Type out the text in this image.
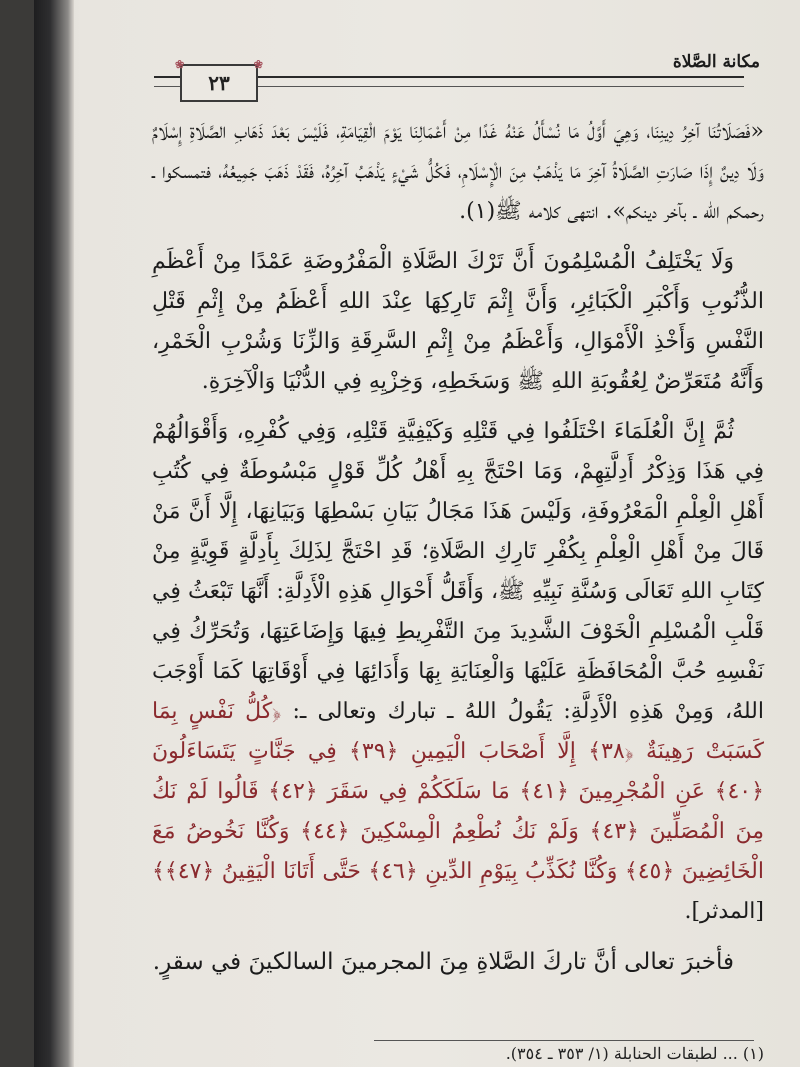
مكانة الصَّلاة
❀ ٢٣ ❀

«فَصَلَاتُنَا آخِرُ دِينِنَا، وَهِيَ أَوَّلُ مَا نُسْأَلُ عَنْهُ غَدًا مِنْ أَعْمَالِنَا يَوْمَ الْقِيَامَةِ، فَلَيْسَ بَعْدَ ذَهَابِ الصَّلَاةِ إِسْلَامٌ وَلَا دِينٌ إِذَا صَارَتِ الصَّلَاةُ آخِرَ مَا يَذْهَبُ مِنَ الْإِسْلَامِ، فَكُلُّ شَيْءٍ يَذْهَبُ آخِرُهُ، فَقَدْ ذَهَبَ جَمِيعُهُ، فتمسكوا ـ رحمكم الله ـ بآخر دينكم». انتهى كلامه ﷺ(١).

وَلَا يَخْتَلِفُ الْمُسْلِمُونَ أَنَّ تَرْكَ الصَّلَاةِ الْمَفْرُوضَةِ عَمْدًا مِنْ أَعْظَمِ الذُّنُوبِ وَأَكْبَرِ الْكَبَائِرِ، وَأَنَّ إِثْمَ تَارِكِهَا عِنْدَ اللهِ أَعْظَمُ مِنْ إِثْمِ قَتْلِ النَّفْسِ وَأَخْذِ الْأَمْوَالِ، وَأَعْظَمُ مِنْ إِثْمِ السَّرِقَةِ وَالزِّنَا وَشُرْبِ الْخَمْرِ، وَأَنَّهُ مُتَعَرِّضٌ لِعُقُوبَةِ اللهِ ﷺ وَسَخَطِهِ، وَخِزْيِهِ فِي الدُّنْيَا وَالْآخِرَةِ.

ثُمَّ إِنَّ الْعُلَمَاءَ اخْتَلَفُوا فِي قَتْلِهِ وَكَيْفِيَّةِ قَتْلِهِ، وَفِي كُفْرِهِ، وَأَقْوَالُهُمْ فِي هَذَا وَذِكْرُ أَدِلَّتِهِمْ، وَمَا احْتَجَّ بِهِ أَهْلُ كُلِّ قَوْلٍ مَبْسُوطَةٌ فِي كُتُبِ أَهْلِ الْعِلْمِ الْمَعْرُوفَةِ، وَلَيْسَ هَذَا مَجَالُ بَيَانِ بَسْطِهَا وَبَيَانِهَا، إِلَّا أَنَّ مَنْ قَالَ مِنْ أَهْلِ الْعِلْمِ بِكُفْرِ تَارِكِ الصَّلَاةِ؛ قَدِ احْتَجَّ لِذَلِكَ بِأَدِلَّةٍ قَوِيَّةٍ مِنْ كِتَابِ اللهِ تَعَالَى وَسُنَّةِ نَبِيِّهِ ﷺ، وَأَقَلُّ أَحْوَالِ هَذِهِ الْأَدِلَّةِ: أَنَّهَا تَبْعَثُ فِي قَلْبِ الْمُسْلِمِ الْخَوْفَ الشَّدِيدَ مِنَ التَّفْرِيطِ فِيهَا وَإِضَاعَتِهَا، وَتُحَرِّكُ فِي نَفْسِهِ حُبَّ الْمُحَافَظَةِ عَلَيْهَا وَالْعِنَايَةِ بِهَا وَأَدَائِهَا فِي أَوْقَاتِهَا كَمَا أَوْجَبَ اللهُ، وَمِنْ هَذِهِ الْأَدِلَّةِ: يَقُولُ اللهُ ـ تبارك وتعالى ـ: ﴿كُلُّ نَفْسٍ بِمَا كَسَبَتْ رَهِينَةٌ ﴿٣٨﴾ إِلَّا أَصْحَابَ الْيَمِينِ ﴿٣٩﴾ فِي جَنَّاتٍ يَتَسَاءَلُونَ ﴿٤٠﴾ عَنِ الْمُجْرِمِينَ ﴿٤١﴾ مَا سَلَكَكُمْ فِي سَقَرَ ﴿٤٢﴾ قَالُوا لَمْ نَكُ مِنَ الْمُصَلِّينَ ﴿٤٣﴾ وَلَمْ نَكُ نُطْعِمُ الْمِسْكِينَ ﴿٤٤﴾ وَكُنَّا نَخُوضُ مَعَ الْخَائِضِينَ ﴿٤٥﴾ وَكُنَّا نُكَذِّبُ بِيَوْمِ الدِّينِ ﴿٤٦﴾ حَتَّى أَتَانَا الْيَقِينُ ﴿٤٧﴾﴾ [المدثر].

فأخبرَ تعالى أنَّ تاركَ الصَّلاةِ مِنَ المجرمينَ السالكينَ في سقرٍ.

(١) ... لطبقات الحنابلة (١/ ٣٥٣ ـ ٣٥٤).
